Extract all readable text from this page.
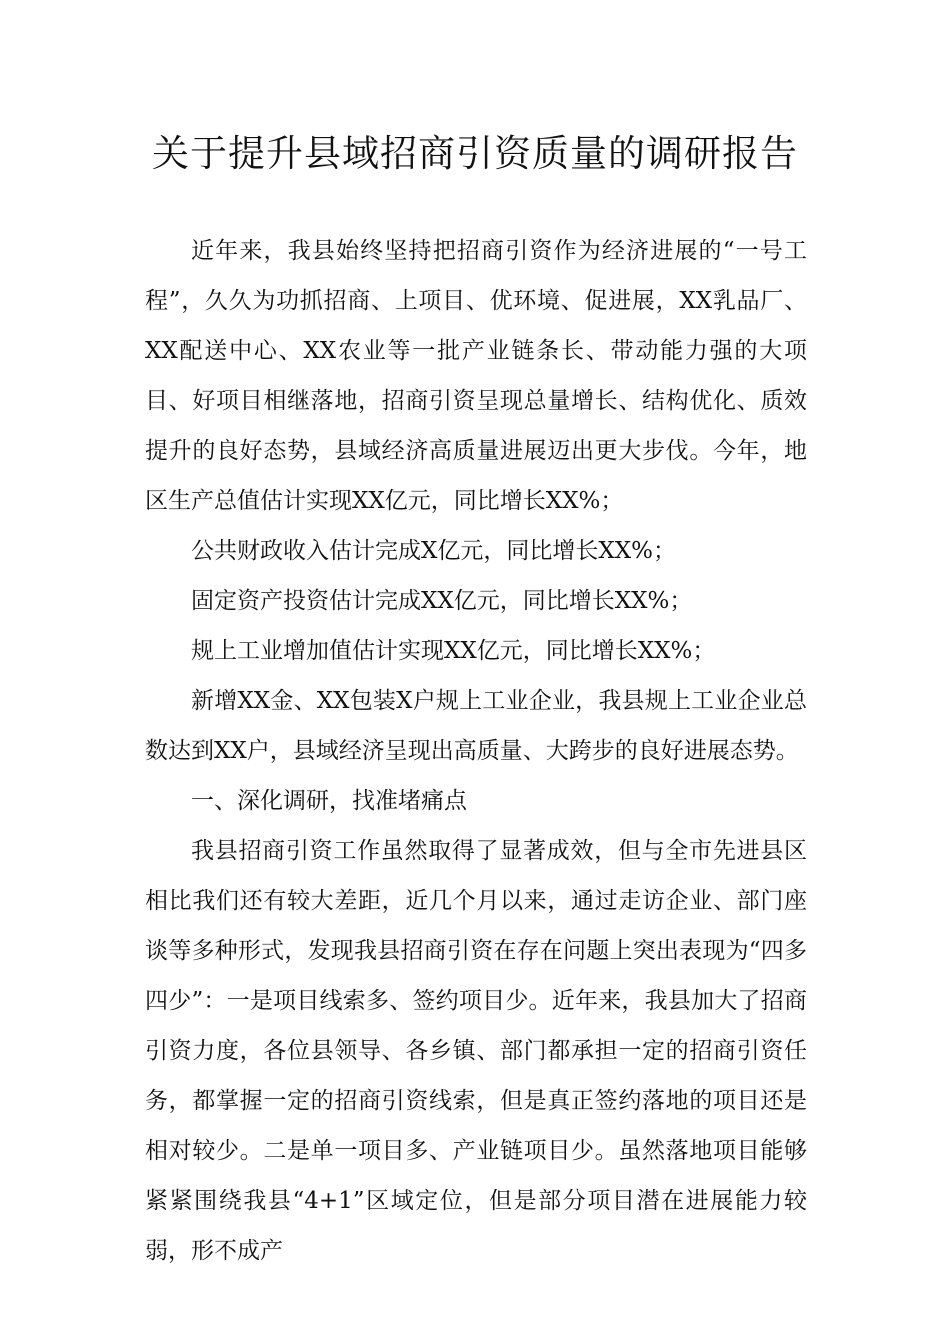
关于提升县域招商引资质量的调研报告

近年来，我县始终坚持把招商引资作为经济进展的“一号工程”，久久为功抓招商、上项目、优环境、促进展，XX乳品厂、XX配送中心、XX农业等一批产业链条长、带动能力强的大项目、好项目相继落地，招商引资呈现总量增长、结构优化、质效提升的良好态势，县域经济高质量进展迈出更大步伐。今年，地区生产总值估计实现XX亿元，同比增长XX%；

公共财政收入估计完成X亿元，同比增长XX%；

固定资产投资估计完成XX亿元，同比增长XX%；

规上工业增加值估计实现XX亿元，同比增长XX%；

新增XX金、XX包装X户规上工业企业，我县规上工业企业总数达到XX户，县域经济呈现出高质量、大跨步的良好进展态势。

一、深化调研，找准堵痛点

我县招商引资工作虽然取得了显著成效，但与全市先进县区相比我们还有较大差距，近几个月以来，通过走访企业、部门座谈等多种形式，发现我县招商引资在存在问题上突出表现为“四多四少”：一是项目线索多、签约项目少。近年来，我县加大了招商引资力度，各位县领导、各乡镇、部门都承担一定的招商引资任务，都掌握一定的招商引资线索，但是真正签约落地的项目还是相对较少。二是单一项目多、产业链项目少。虽然落地项目能够紧紧围绕我县“4+1”区域定位，但是部分项目潜在进展能力较弱，形不成产
